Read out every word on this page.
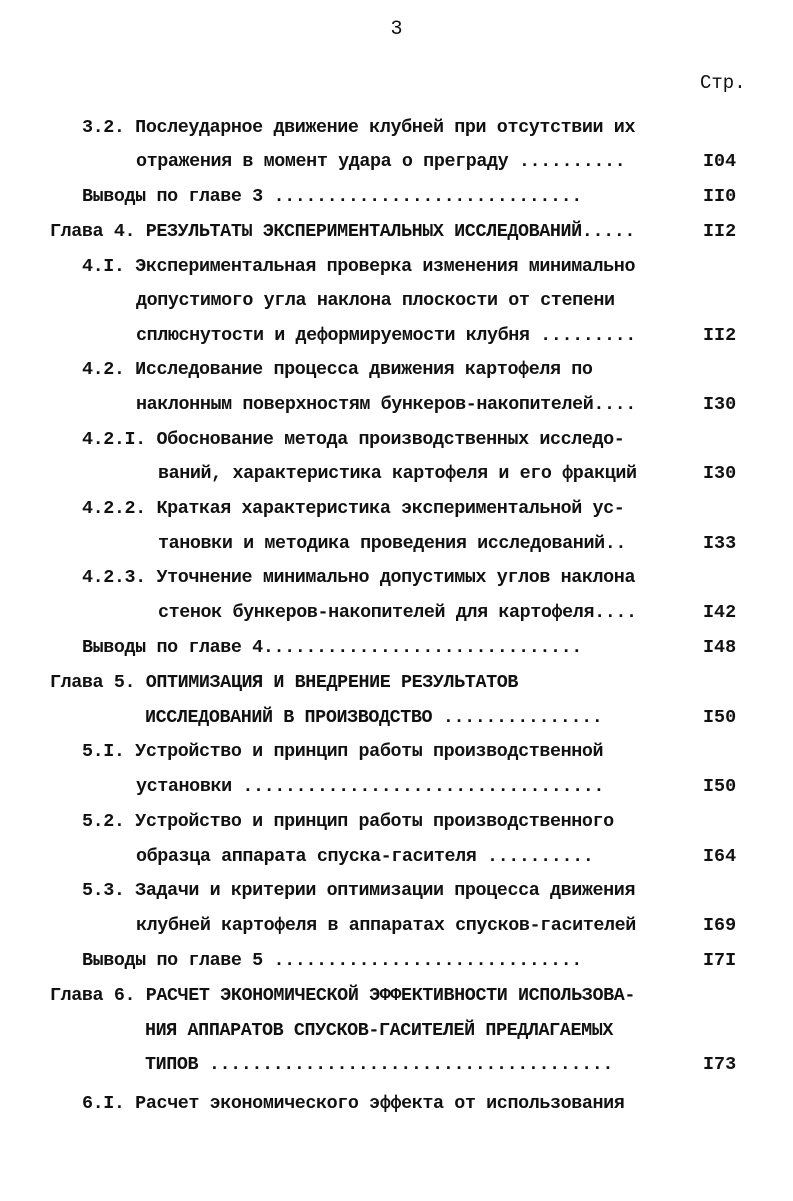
3
Стр.
3.2. Послеударное движение клубней при отсутствии их
отражения в момент удара о преграду ..........	I04
Выводы по главе 3 .............................	II0
Глава 4. РЕЗУЛЬТАТЫ ЭКСПЕРИМЕНТАЛЬНЫХ ИССЛЕДОВАНИЙ.....	II2
4.I. Экспериментальная проверка изменения минимально
допустимого угла наклона плоскости от степени
сплюснутости и деформируемости клубня .........	II2
4.2. Исследование процесса движения картофеля по
наклонным поверхностям бункеров-накопителей....	I30
4.2.I. Обоснование метода производственных исследо-
ваний, характеристика картофеля и его фракций	I30
4.2.2. Краткая характеристика экспериментальной ус-
тановки и методика проведения исследований..	I33
4.2.3. Уточнение минимально допустимых углов наклона
стенок бункеров-накопителей для картофеля....	I42
Выводы по главе 4..............................	I48
Глава 5. ОПТИМИЗАЦИЯ И ВНЕДРЕНИЕ РЕЗУЛЬТАТОВ
ИССЛЕДОВАНИЙ В ПРОИЗВОДСТВО ...............	I50
5.I. Устройство и принцип работы производственной
установки ..................................	I50
5.2. Устройство и принцип работы производственного
образца аппарата спуска-гасителя ..........	I64
5.3. Задачи и критерии оптимизации процесса движения
клубней картофеля в аппаратах спусков-гасителей	I69
Выводы по главе 5 .............................	I7I
Глава 6. РАСЧЕТ ЭКОНОМИЧЕСКОЙ ЭФФЕКТИВНОСТИ ИСПОЛЬЗОВА-
НИЯ АППАРАТОВ СПУСКОВ-ГАСИТЕЛЕЙ ПРЕДЛАГАЕМЫХ
ТИПОВ ......................................	I73
6.I. Расчет экономического эффекта от использования
